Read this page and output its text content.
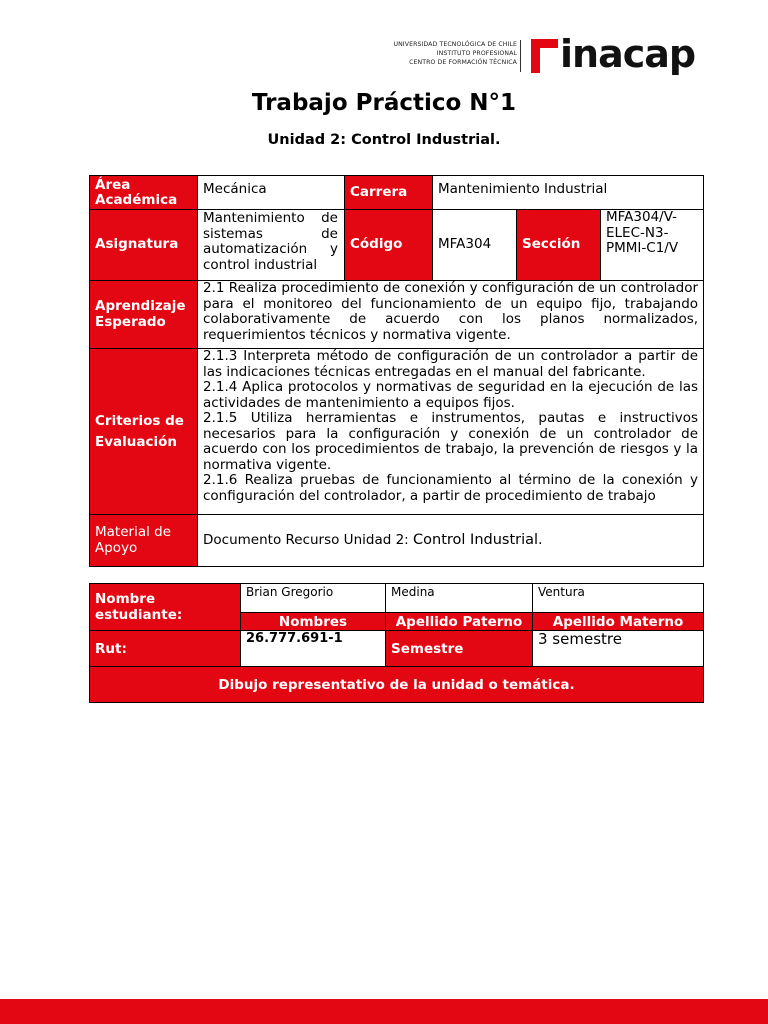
UNIVERSIDAD TECNOLÓGICA DE CHILE
INSTITUTO PROFESIONAL
CENTRO DE FORMACIÓN TÉCNICA inacap
Trabajo Práctico N°1
Unidad 2: Control Industrial.
Área Académica	Mecánica	Carrera	Mantenimiento Industrial		
Asignatura	Mantenimiento de sistemas de automatización y control industrial	Código	MFA304	Sección	MFA304/V-ELEC-N3-PMMI-C1/V
Aprendizaje Esperado	2.1 Realiza procedimiento de conexión y configuración de un controlador para el monitoreo del funcionamiento de un equipo fijo, trabajando colaborativamente de acuerdo con los planos normalizados, requerimientos técnicos y normativa vigente.				
Criterios de Evaluación	2.1.3 Interpreta método de configuración de un controlador a partir de las indicaciones técnicas entregadas en el manual del fabricante.
2.1.4 Aplica protocolos y normativas de seguridad en la ejecución de las actividades de mantenimiento a equipos fijos.
2.1.5 Utiliza herramientas e instrumentos, pautas e instructivos necesarios para la configuración y conexión de un controlador de acuerdo con los procedimientos de trabajo, la prevención de riesgos y la normativa vigente.
2.1.6 Realiza pruebas de funcionamiento al término de la conexión y configuración del controlador, a partir de procedimiento de trabajo				

Material de Apoyo	Documento Recurso Unidad 2: Control Industrial.				
Nombre estudiante:	Brian Gregorio	Medina	Ventura
	Nombres	Apellido Paterno	Apellido Materno
Rut:	26.777.691-1	Semestre	3 semestre
Dibujo representativo de la unidad o temática.			
